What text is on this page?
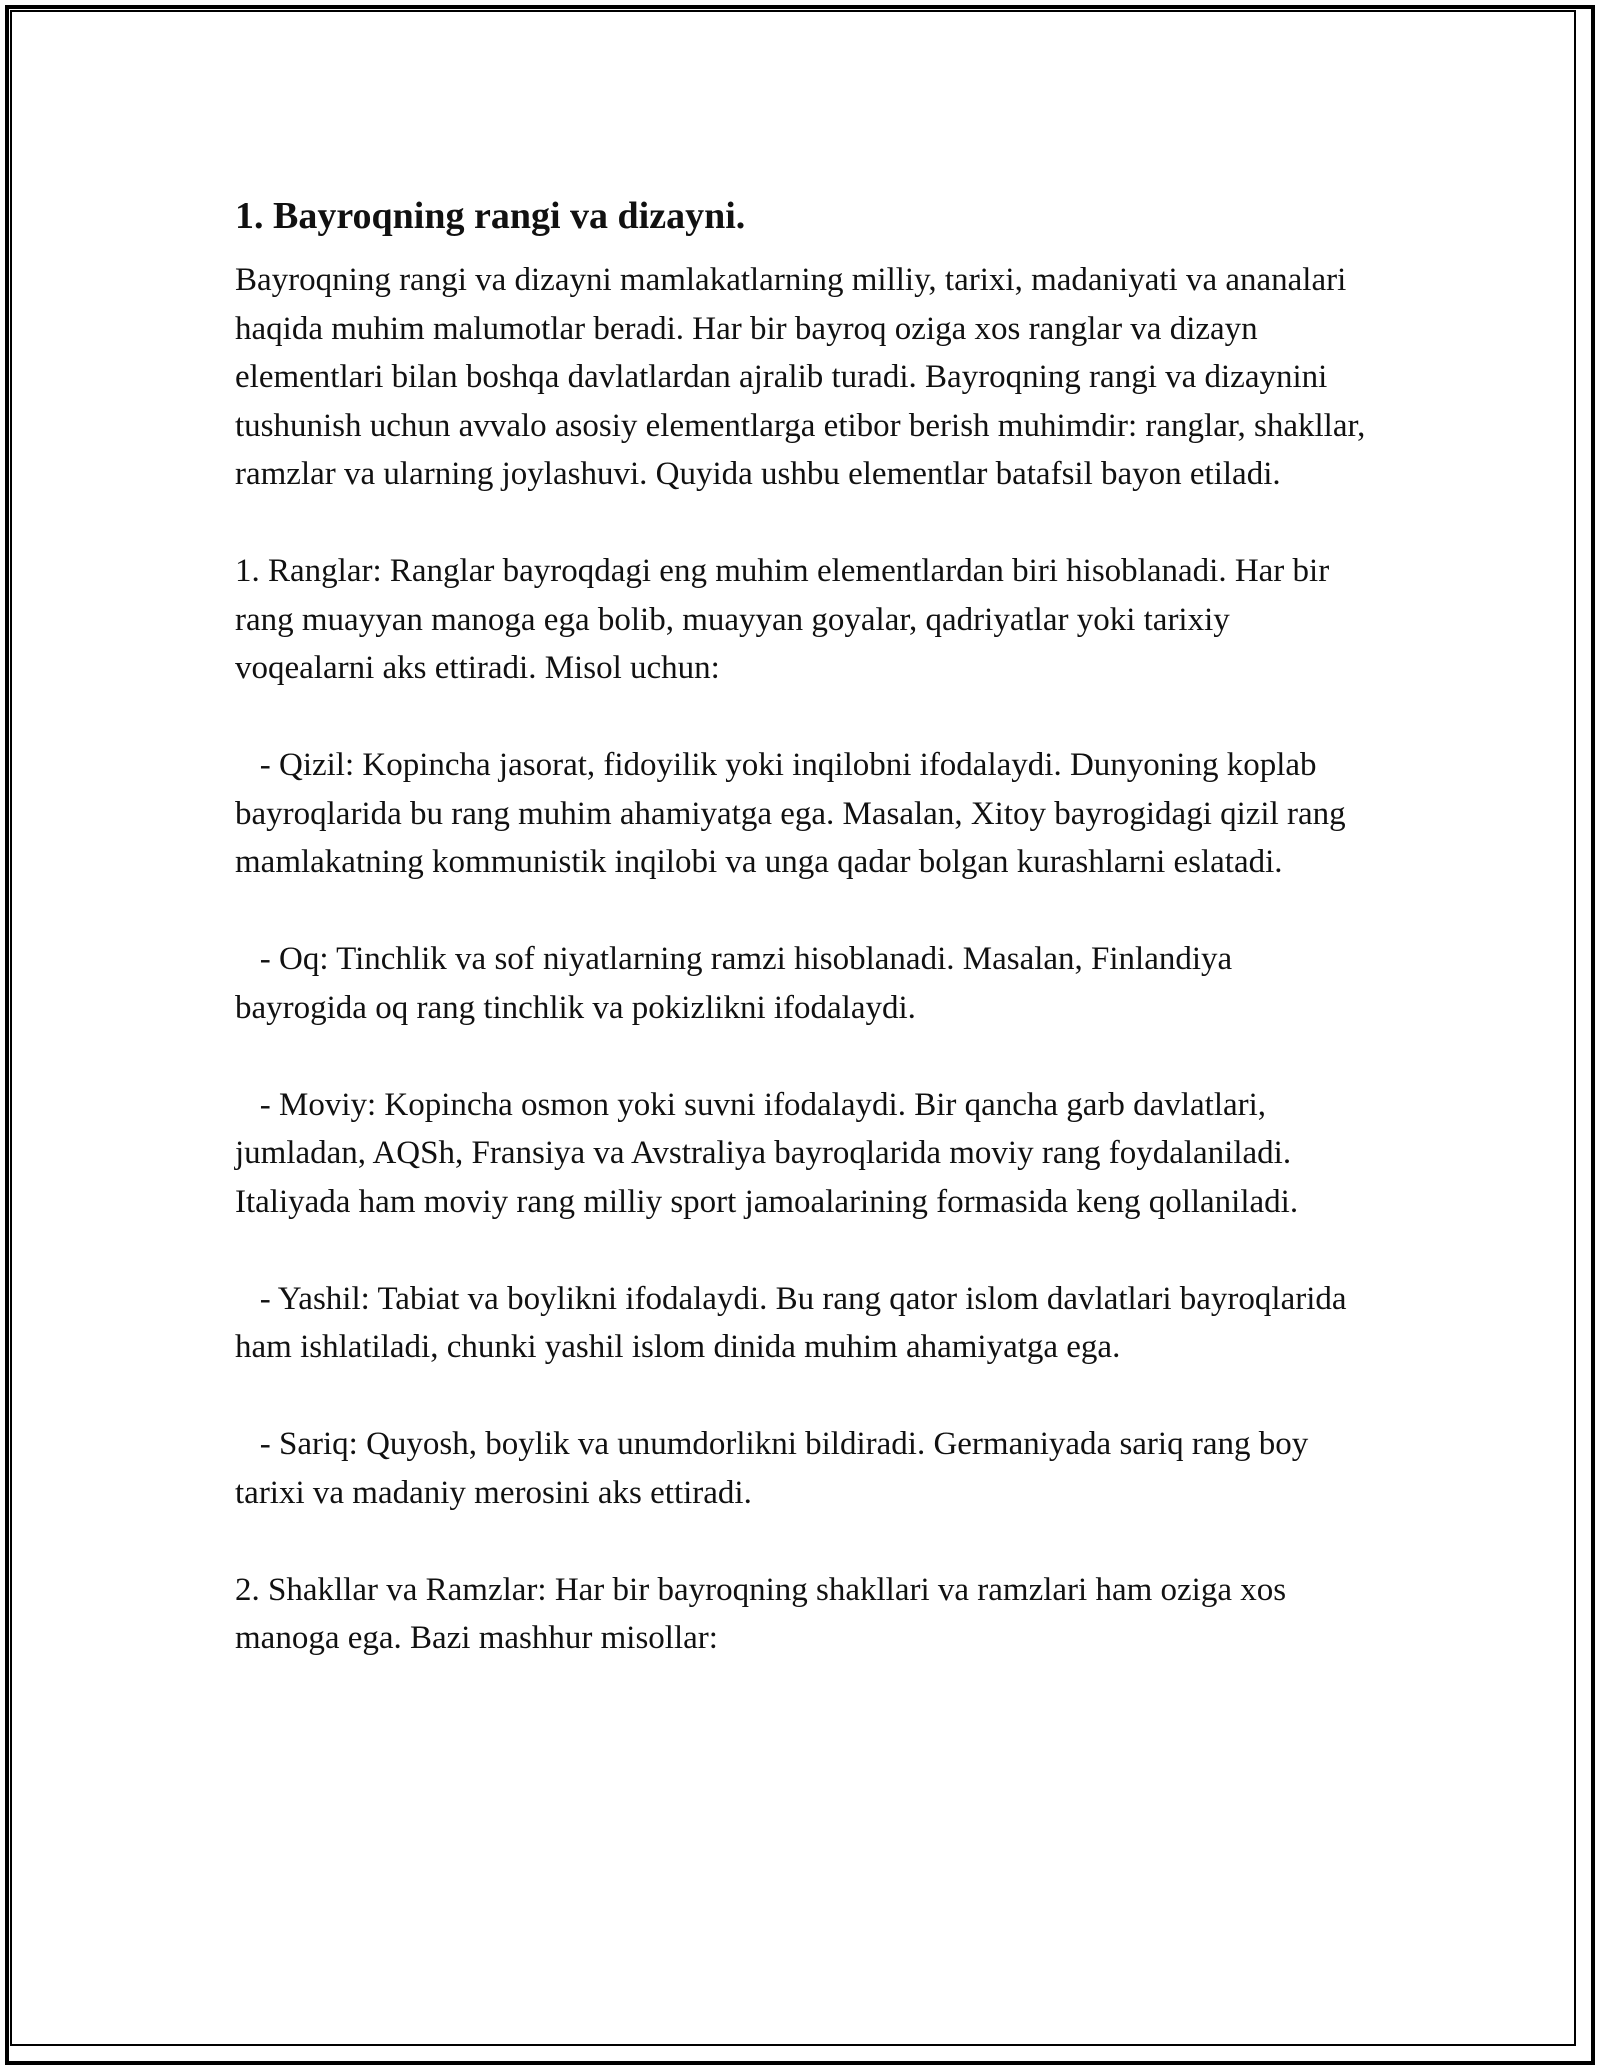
1. Bayroqning rangi va dizayni.

Bayroqning rangi va dizayni mamlakatlarning milliy, tarixi, madaniyati va ananalari haqida muhim malumotlar beradi. Har bir bayroq oziga xos ranglar va dizayn elementlari bilan boshqa davlatlardan ajralib turadi. Bayroqning rangi va dizaynini tushunish uchun avvalo asosiy elementlarga etibor berish muhimdir: ranglar, shakllar, ramzlar va ularning joylashuvi. Quyida ushbu elementlar batafsil bayon etiladi.

1. Ranglar: Ranglar bayroqdagi eng muhim elementlardan biri hisoblanadi. Har bir rang muayyan manoga ega bolib, muayyan goyalar, qadriyatlar yoki tarixiy voqealarni aks ettiradi. Misol uchun:

- Qizil: Kopincha jasorat, fidoyilik yoki inqilobni ifodalaydi. Dunyoning koplab bayroqlarida bu rang muhim ahamiyatga ega. Masalan, Xitoy bayrogidagi qizil rang mamlakatning kommunistik inqilobi va unga qadar bolgan kurashlarni eslatadi.

- Oq: Tinchlik va sof niyatlarning ramzi hisoblanadi. Masalan, Finlandiya bayrogida oq rang tinchlik va pokizlikni ifodalaydi.

- Moviy: Kopincha osmon yoki suvni ifodalaydi. Bir qancha garb davlatlari, jumladan, AQSh, Fransiya va Avstraliya bayroqlarida moviy rang foydalaniladi. Italiyada ham moviy rang milliy sport jamoalarining formasida keng qollaniladi.

- Yashil: Tabiat va boylikni ifodalaydi. Bu rang qator islom davlatlari bayroqlarida ham ishlatiladi, chunki yashil islom dinida muhim ahamiyatga ega.

- Sariq: Quyosh, boylik va unumdorlikni bildiradi. Germaniyada sariq rang boy tarixi va madaniy merosini aks ettiradi.

2. Shakllar va Ramzlar: Har bir bayroqning shakllari va ramzlari ham oziga xos manoga ega. Bazi mashhur misollar:
